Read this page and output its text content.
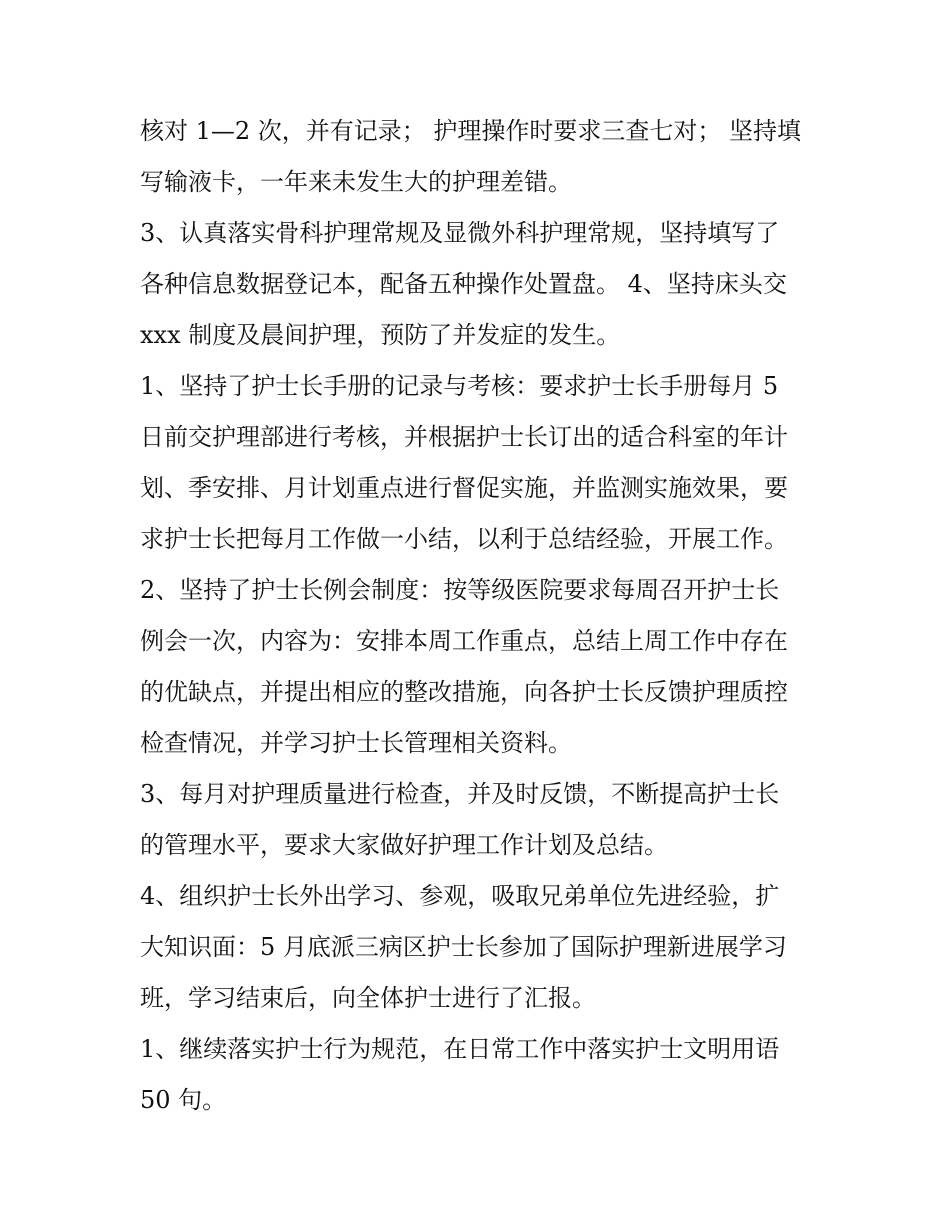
核对 1—2 次，并有记录； 护理操作时要求三查七对； 坚持填
写输液卡，一年来未发生大的护理差错。
3、认真落实骨科护理常规及显微外科护理常规，坚持填写了
各种信息数据登记本，配备五种操作处置盘。 4、坚持床头交
xxx 制度及晨间护理，预防了并发症的发生。
1、坚持了护士长手册的记录与考核：要求护士长手册每月 5
日前交护理部进行考核，并根据护士长订出的适合科室的年计
划、季安排、月计划重点进行督促实施，并监测实施效果，要
求护士长把每月工作做一小结，以利于总结经验，开展工作。
2、坚持了护士长例会制度：按等级医院要求每周召开护士长
例会一次，内容为：安排本周工作重点，总结上周工作中存在
的优缺点，并提出相应的整改措施，向各护士长反馈护理质控
检查情况，并学习护士长管理相关资料。
3、每月对护理质量进行检查，并及时反馈，不断提高护士长
的管理水平，要求大家做好护理工作计划及总结。
4、组织护士长外出学习、参观，吸取兄弟单位先进经验，扩
大知识面：5 月底派三病区护士长参加了国际护理新进展学习
班，学习结束后，向全体护士进行了汇报。
1、继续落实护士行为规范，在日常工作中落实护士文明用语
50 句。
